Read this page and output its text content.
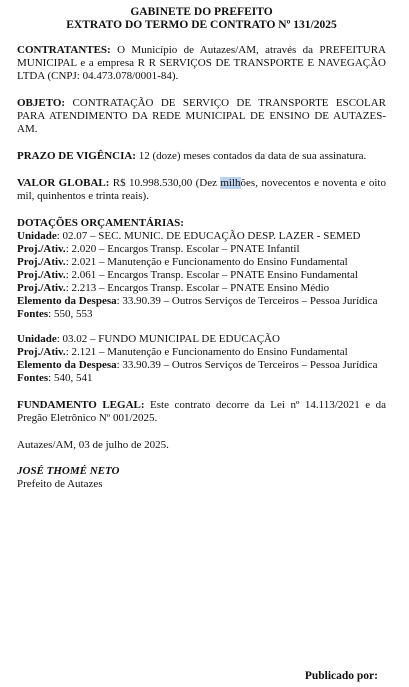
GABINETE DO PREFEITO
EXTRATO DO TERMO DE CONTRATO Nº 131/2025
CONTRATANTES: O Município de Autazes/AM, através da PREFEITURA MUNICIPAL e a empresa R R SERVIÇOS DE TRANSPORTE E NAVEGAÇÃO LTDA (CNPJ: 04.473.078/0001-84).
OBJETO: CONTRATAÇÃO DE SERVIÇO DE TRANSPORTE ESCOLAR PARA ATENDIMENTO DA REDE MUNICIPAL DE ENSINO DE AUTAZES-AM.
PRAZO DE VIGÊNCIA: 12 (doze) meses contados da data de sua assinatura.
VALOR GLOBAL: R$ 10.998.530,00 (Dez milhões, novecentos e noventa e oito mil, quinhentos e trinta reais).
DOTAÇÕES ORÇAMENTÁRIAS:
Unidade: 02.07 – SEC. MUNIC. DE EDUCAÇÃO DESP. LAZER - SEMED
Proj./Ativ.: 2.020 – Encargos Transp. Escolar – PNATE Infantil
Proj./Ativ.: 2.021 – Manutenção e Funcionamento do Ensino Fundamental
Proj./Ativ.: 2.061 – Encargos Transp. Escolar – PNATE Ensino Fundamental
Proj./Ativ.: 2.213 – Encargos Transp. Escolar – PNATE Ensino Médio
Elemento da Despesa: 33.90.39 – Outros Serviços de Terceiros – Pessoa Jurídica
Fontes: 550, 553
Unidade: 03.02 – FUNDO MUNICIPAL DE EDUCAÇÃO
Proj./Ativ.: 2.121 – Manutenção e Funcionamento do Ensino Fundamental
Elemento da Despesa: 33.90.39 – Outros Serviços de Terceiros – Pessoa Jurídica
Fontes: 540, 541
FUNDAMENTO LEGAL: Este contrato decorre da Lei nº 14.113/2021 e da Pregão Eletrônico Nº 001/2025.
Autazes/AM, 03 de julho de 2025.
JOSÉ THOMÉ NETO
Prefeito de Autazes
Publicado por:
